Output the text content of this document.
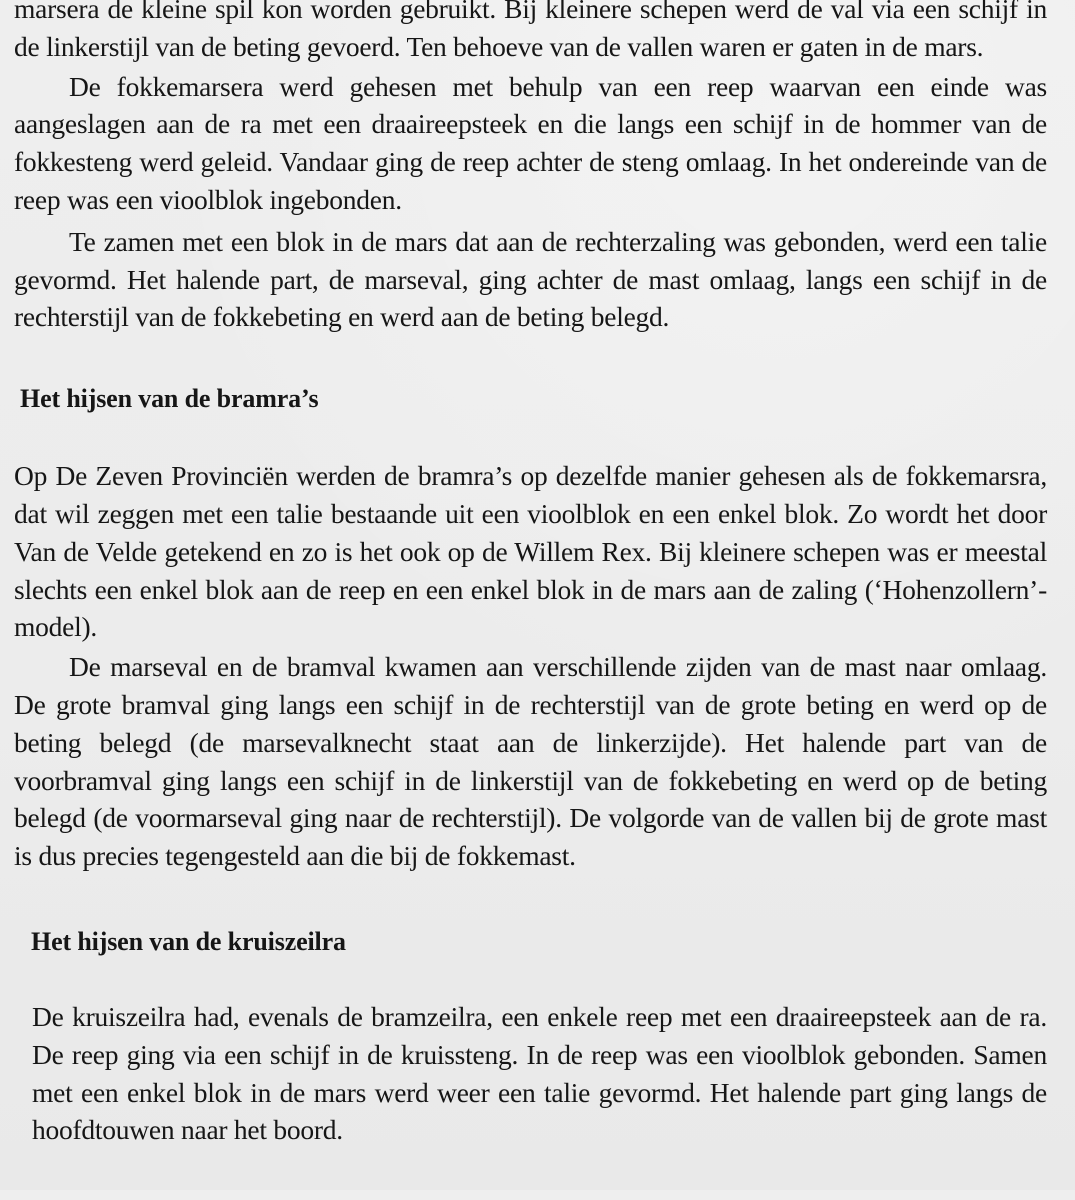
marsera de kleine spil kon worden gebruikt. Bij kleinere schepen werd de val via een schijf in de linkerstijl van de beting gevoerd. Ten behoeve van de vallen waren er gaten in de mars.

De fokkemarsera werd gehesen met behulp van een reep waarvan een einde was aangeslagen aan de ra met een draaireepsteek en die langs een schijf in de hommer van de fokkesteng werd geleid. Vandaar ging de reep achter de steng omlaag. In het ondereinde van de reep was een vioolblok ingebonden.

Te zamen met een blok in de mars dat aan de rechterzaling was gebonden, werd een talie gevormd. Het halende part, de marseval, ging achter de mast omlaag, langs een schijf in de rechterstijl van de fokkebeting en werd aan de beting belegd.

Het hijsen van de bramra’s

Op De Zeven Provinciën werden de bramra’s op dezelfde manier gehesen als de fokkemarsra, dat wil zeggen met een talie bestaande uit een vioolblok en een enkel blok. Zo wordt het door Van de Velde getekend en zo is het ook op de Willem Rex. Bij kleinere schepen was er meestal slechts een enkel blok aan de reep en een enkel blok in de mars aan de zaling (‘Hohenzollern’-model).

De marseval en de bramval kwamen aan verschillende zijden van de mast naar omlaag. De grote bramval ging langs een schijf in de rechterstijl van de grote beting en werd op de beting belegd (de marsevalknecht staat aan de linkerzijde). Het halende part van de voorbramval ging langs een schijf in de linkerstijl van de fokkebeting en werd op de beting belegd (de voormarseval ging naar de rechterstijl). De volgorde van de vallen bij de grote mast is dus precies tegengesteld aan die bij de fokkemast.

Het hijsen van de kruiszeilra

De kruiszeilra had, evenals de bramzeilra, een enkele reep met een draaireepsteek aan de ra. De reep ging via een schijf in de kruissteng. In de reep was een vioolblok gebonden. Samen met een enkel blok in de mars werd weer een talie gevormd. Het halende part ging langs de hoofdtouwen naar het boord.
